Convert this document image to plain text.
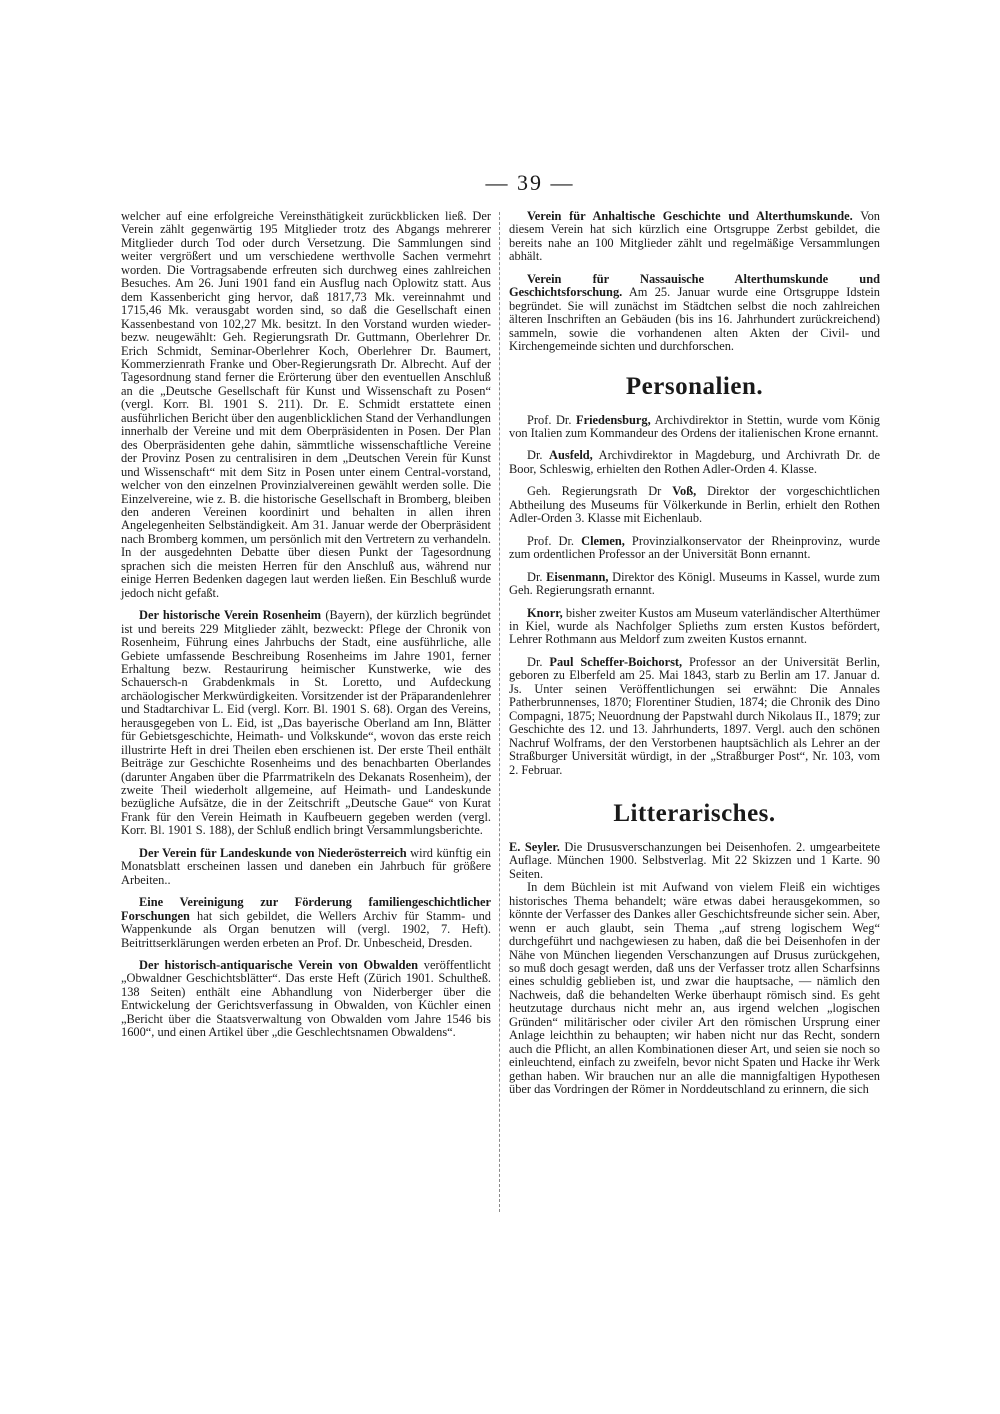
— 39 —

welcher auf eine erfolgreiche Vereinsthätigkeit zurückblicken ließ. Der Verein zählt gegenwärtig 195 Mitglieder trotz des Abgangs mehrerer Mitglieder durch Tod oder durch Versetzung. Die Sammlungen sind weiter vergrößert und um verschiedene werthvolle Sachen vermehrt worden. Die Vortragsabende erfreuten sich durchweg eines zahlreichen Besuches. Am 26. Juni 1901 fand ein Ausflug nach Oplowitz statt. Aus dem Kassenbericht ging hervor, daß 1817,73 Mk. vereinnahmt und 1715,46 Mk. verausgabt worden sind, so daß die Gesellschaft einen Kassenbestand von 102,27 Mk. besitzt. In den Vorstand wurden wieder- bezw. neugewählt: Geh. Regierungsrath Dr. Guttmann, Oberlehrer Dr. Erich Schmidt, Seminar-Oberlehrer Koch, Oberlehrer Dr. Baumert, Kommerzienrath Franke und Ober-Regierungsrath Dr. Albrecht. Auf der Tagesordnung stand ferner die Erörterung über den eventuellen Anschluß an die „Deutsche Gesellschaft für Kunst und Wissenschaft zu Posen“ (vergl. Korr. Bl. 1901 S. 211). Dr. E. Schmidt erstattete einen ausführlichen Bericht über den augenblicklichen Stand der Verhandlungen innerhalb der Vereine und mit dem Oberpräsidenten in Posen. Der Plan des Oberpräsidenten gehe dahin, sämmtliche wissenschaftliche Vereine der Provinz Posen zu centralisiren in dem „Deutschen Verein für Kunst und Wissenschaft“ mit dem Sitz in Posen unter einem Central-vorstand, welcher von den einzelnen Provinzialvereinen gewählt werden solle. Die Einzelvereine, wie z. B. die historische Gesellschaft in Bromberg, bleiben den anderen Vereinen koordinirt und behalten in allen ihren Angelegenheiten Selbständigkeit. Am 31. Januar werde der Oberpräsident nach Bromberg kommen, um persönlich mit den Vertretern zu verhandeln. In der ausgedehnten Debatte über diesen Punkt der Tagesordnung sprachen sich die meisten Herren für den Anschluß aus, während nur einige Herren Bedenken dagegen laut werden ließen. Ein Beschluß wurde jedoch nicht gefaßt.

Der historische Verein Rosenheim (Bayern), der kürzlich begründet ist und bereits 229 Mitglieder zählt, bezweckt: Pflege der Chronik von Rosenheim, Führung eines Jahrbuchs der Stadt, eine ausführliche, alle Gebiete umfassende Beschreibung Rosenheims im Jahre 1901, ferner Erhaltung bezw. Restaurirung heimischer Kunstwerke, wie des Schauersch-n Grabdenkmals in St. Loretto, und Aufdeckung archäologischer Merkwürdigkeiten. Vorsitzender ist der Präparandenlehrer und Stadtarchivar L. Eid (vergl. Korr. Bl. 1901 S. 68). Organ des Vereins, herausgegeben von L. Eid, ist „Das bayerische Oberland am Inn, Blätter für Gebietsgeschichte, Heimath- und Volkskunde“, wovon das erste reich illustrirte Heft in drei Theilen eben erschienen ist. Der erste Theil enthält Beiträge zur Geschichte Rosenheims und des benachbarten Oberlandes (darunter Angaben über die Pfarrmatrikeln des Dekanats Rosenheim), der zweite Theil wiederholt allgemeine, auf Heimath- und Landeskunde bezügliche Aufsätze, die in der Zeitschrift „Deutsche Gaue“ von Kurat Frank für den Verein Heimath in Kaufbeuern gegeben werden (vergl. Korr. Bl. 1901 S. 188), der Schluß endlich bringt Versammlungsberichte.

Der Verein für Landeskunde von Niederösterreich wird künftig ein Monatsblatt erscheinen lassen und daneben ein Jahrbuch für größere Arbeiten..

Eine Vereinigung zur Förderung familiengeschichtlicher Forschungen hat sich gebildet, die Wellers Archiv für Stamm- und Wappenkunde als Organ benutzen will (vergl. 1902, 7. Heft). Beitrittserklärungen werden erbeten an Prof. Dr. Unbescheid, Dresden.

Der historisch-antiquarische Verein von Obwalden veröffentlicht „Obwaldner Geschichtsblätter“. Das erste Heft (Zürich 1901. Schultheß. 138 Seiten) enthält eine Abhandlung von Niderberger über die Entwickelung der Gerichtsverfassung in Obwalden, von Küchler einen „Bericht über die Staatsverwaltung von Obwalden vom Jahre 1546 bis 1600“, und einen Artikel über „die Geschlechtsnamen Obwaldens“.

Verein für Anhaltische Geschichte und Alterthumskunde. Von diesem Verein hat sich kürzlich eine Ortsgruppe Zerbst gebildet, die bereits nahe an 100 Mitglieder zählt und regelmäßige Versammlungen abhält.

Verein für Nassauische Alterthumskunde und Geschichtsforschung. Am 25. Januar wurde eine Ortsgruppe Idstein begründet. Sie will zunächst im Städtchen selbst die noch zahlreichen älteren Inschriften an Gebäuden (bis ins 16. Jahrhundert zurückreichend) sammeln, sowie die vorhandenen alten Akten der Civil- und Kirchengemeinde sichten und durchforschen.

Personalien.

Prof. Dr. Friedensburg, Archivdirektor in Stettin, wurde vom König von Italien zum Kommandeur des Ordens der italienischen Krone ernannt.

Dr. Ausfeld, Archivdirektor in Magdeburg, und Archivrath Dr. de Boor, Schleswig, erhielten den Rothen Adler-Orden 4. Klasse.

Geh. Regierungsrath Dr Voß, Direktor der vorgeschichtlichen Abtheilung des Museums für Völkerkunde in Berlin, erhielt den Rothen Adler-Orden 3. Klasse mit Eichenlaub.

Prof. Dr. Clemen, Provinzialkonservator der Rheinprovinz, wurde zum ordentlichen Professor an der Universität Bonn ernannt.

Dr. Eisenmann, Direktor des Königl. Museums in Kassel, wurde zum Geh. Regierungsrath ernannt.

Knorr, bisher zweiter Kustos am Museum vaterländischer Alterthümer in Kiel, wurde als Nachfolger Splieths zum ersten Kustos befördert, Lehrer Rothmann aus Meldorf zum zweiten Kustos ernannt.

Dr. Paul Scheffer-Boichorst, Professor an der Universität Berlin, geboren zu Elberfeld am 25. Mai 1843, starb zu Berlin am 17. Januar d. Js. Unter seinen Veröffentlichungen sei erwähnt: Die Annales Patherbrunnenses, 1870; Florentiner Studien, 1874; die Chronik des Dino Compagni, 1875; Neuordnung der Papstwahl durch Nikolaus II., 1879; zur Geschichte des 12. und 13. Jahrhunderts, 1897. Vergl. auch den schönen Nachruf Wolframs, der den Verstorbenen hauptsächlich als Lehrer an der Straßburger Universität würdigt, in der „Straßburger Post“, Nr. 103, vom 2. Februar.

Litterarisches.

E. Seyler. Die Drususverschanzungen bei Deisenhofen. 2. umgearbeitete Auflage. München 1900. Selbstverlag. Mit 22 Skizzen und 1 Karte. 90 Seiten.

In dem Büchlein ist mit Aufwand von vielem Fleiß ein wichtiges historisches Thema behandelt; wäre etwas dabei herausgekommen, so könnte der Verfasser des Dankes aller Geschichtsfreunde sicher sein. Aber, wenn er auch glaubt, sein Thema „auf streng logischem Weg“ durchgeführt und nachgewiesen zu haben, daß die bei Deisenhofen in der Nähe von München liegenden Verschanzungen auf Drusus zurückgehen, so muß doch gesagt werden, daß uns der Verfasser trotz allen Scharfsinns eines schuldig geblieben ist, und zwar die hauptsache, — nämlich den Nachweis, daß die behandelten Werke überhaupt römisch sind. Es geht heutzutage durchaus nicht mehr an, aus irgend welchen „logischen Gründen“ militärischer oder civiler Art den römischen Ursprung einer Anlage leichthin zu behaupten; wir haben nicht nur das Recht, sondern auch die Pflicht, an allen Kombinationen dieser Art, und seien sie noch so einleuchtend, einfach zu zweifeln, bevor nicht Spaten und Hacke ihr Werk gethan haben. Wir brauchen nur an alle die mannigfaltigen Hypothesen über das Vordringen der Römer in Norddeutschland zu erinnern, die sich
